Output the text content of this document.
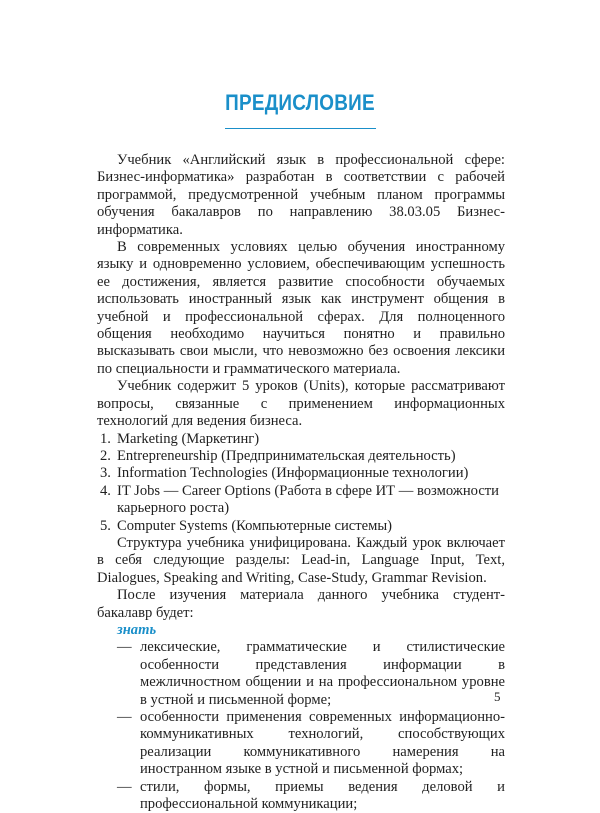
ПРЕДИСЛОВИЕ

Учебник «Английский язык в профессиональной сфере: Бизнес-информатика» разработан в соответствии с рабочей программой, предусмотренной учебным планом программы обучения бакалавров по направлению 38.03.05 Бизнес-информатика.

В современных условиях целью обучения иностранному языку и одновременно условием, обеспечивающим успешность ее достижения, является развитие способности обучаемых использовать иностранный язык как инструмент общения в учебной и профессиональной сферах. Для полноценного общения необходимо научиться понятно и правильно высказывать свои мысли, что невозможно без освоения лексики по специальности и грамматического материала.

Учебник содержит 5 уроков (Units), которые рассматривают вопросы, связанные с применением информационных технологий для ведения бизнеса.

1. Marketing (Маркетинг)
2. Entrepreneurship (Предпринимательская деятельность)
3. Information Technologies (Информационные технологии)
4. IT Jobs — Career Options (Работа в сфере ИТ — возможности карьерного роста)
5. Computer Systems (Компьютерные системы)

Структура учебника унифицирована. Каждый урок включает в себя следующие разделы: Lead-in, Language Input, Text, Dialogues, Speaking and Writing, Case-Study, Grammar Revision.

После изучения материала данного учебника студент-бакалавр будет:

знать
— лексические, грамматические и стилистические особенности представления информации в межличностном общении и на профессиональном уровне в устной и письменной форме;
— особенности применения современных информационно-коммуникативных технологий, способствующих реализации коммуникативного намерения на иностранном языке в устной и письменной формах;
— стили, формы, приемы ведения деловой и профессиональной коммуникации;
5
